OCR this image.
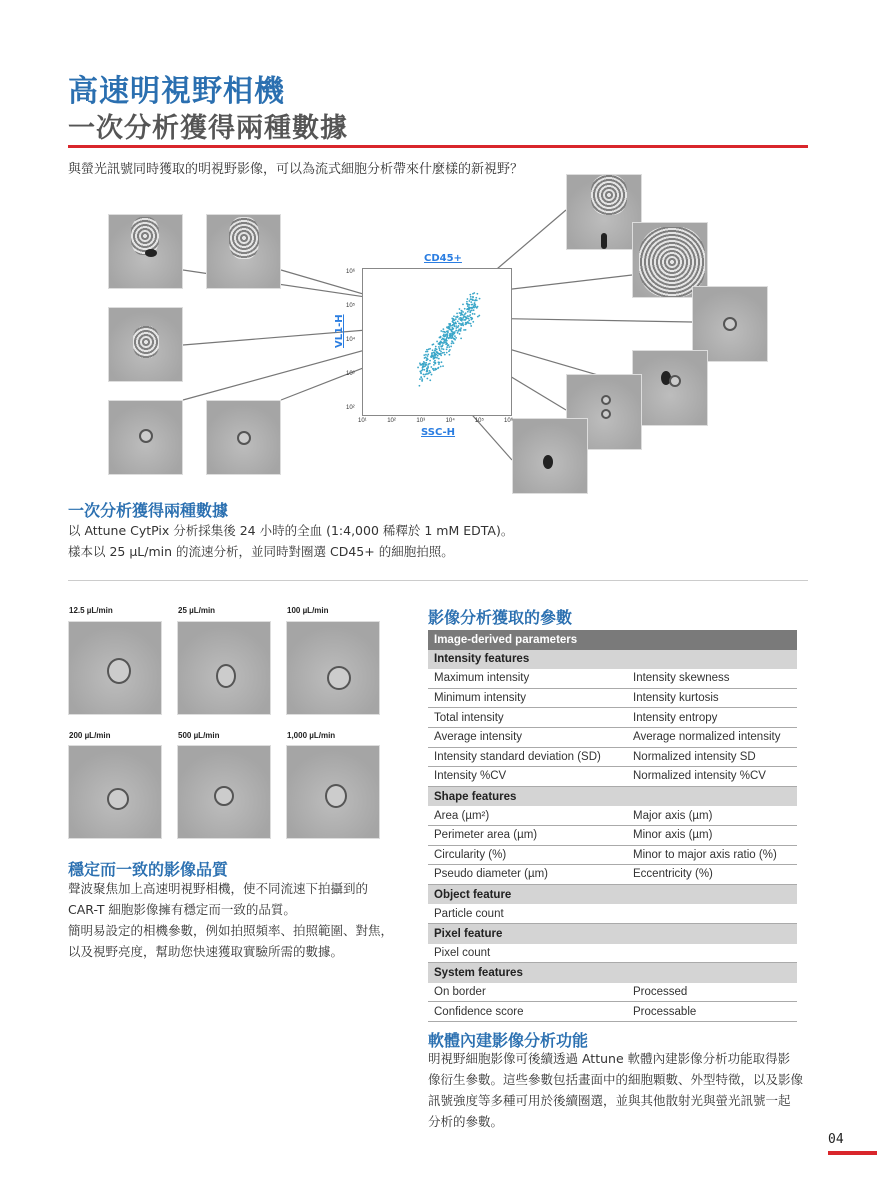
高速明視野相機
一次分析獲得兩種數據
與螢光訊號同時獲取的明視野影像，可以為流式細胞分析帶來什麼樣的新視野？
CD45+
VL1-H
10²
10³
10⁴
10⁵
10⁶
10¹	10²	10³	10⁴	10⁵	10⁶
SSC-H
一次分析獲得兩種數據
以 Attune CytPix 分析採集後 24 小時的全血 (1:4,000 稀釋於 1 mM EDTA)。
樣本以 25 µL/min 的流速分析，並同時對圈選 CD45+ 的細胞拍照。
12.5 µL/min	25 µL/min	100 µL/min
200 µL/min	500 µL/min	1,000 µL/min
穩定而一致的影像品質
聲波聚焦加上高速明視野相機，使不同流速下拍攝到的
CAR-T 細胞影像擁有穩定而一致的品質。
簡明易設定的相機參數，例如拍照頻率、拍照範圍、對焦，
以及視野亮度，幫助您快速獲取實驗所需的數據。
影像分析獲取的參數
Image-derived parameters
Intensity features
Maximum intensity	Intensity skewness
Minimum intensity	Intensity kurtosis
Total intensity	Intensity entropy
Average intensity	Average normalized intensity
Intensity standard deviation (SD)	Normalized intensity SD
Intensity %CV	Normalized intensity %CV
Shape features
Area (µm²)	Major axis (µm)
Perimeter area (µm)	Minor axis (µm)
Circularity (%)	Minor to major axis ratio (%)
Pseudo diameter (µm)	Eccentricity (%)
Object feature
Particle count
Pixel feature
Pixel count
System features
On border	Processed
Confidence score	Processable
軟體內建影像分析功能
明視野細胞影像可後續透過 Attune 軟體內建影像分析功能取得影
像衍生參數。這些參數包括畫面中的細胞顆數、外型特徵，以及影像
訊號強度等多種可用於後續圈選，並與其他散射光與螢光訊號一起
分析的參數。
04
